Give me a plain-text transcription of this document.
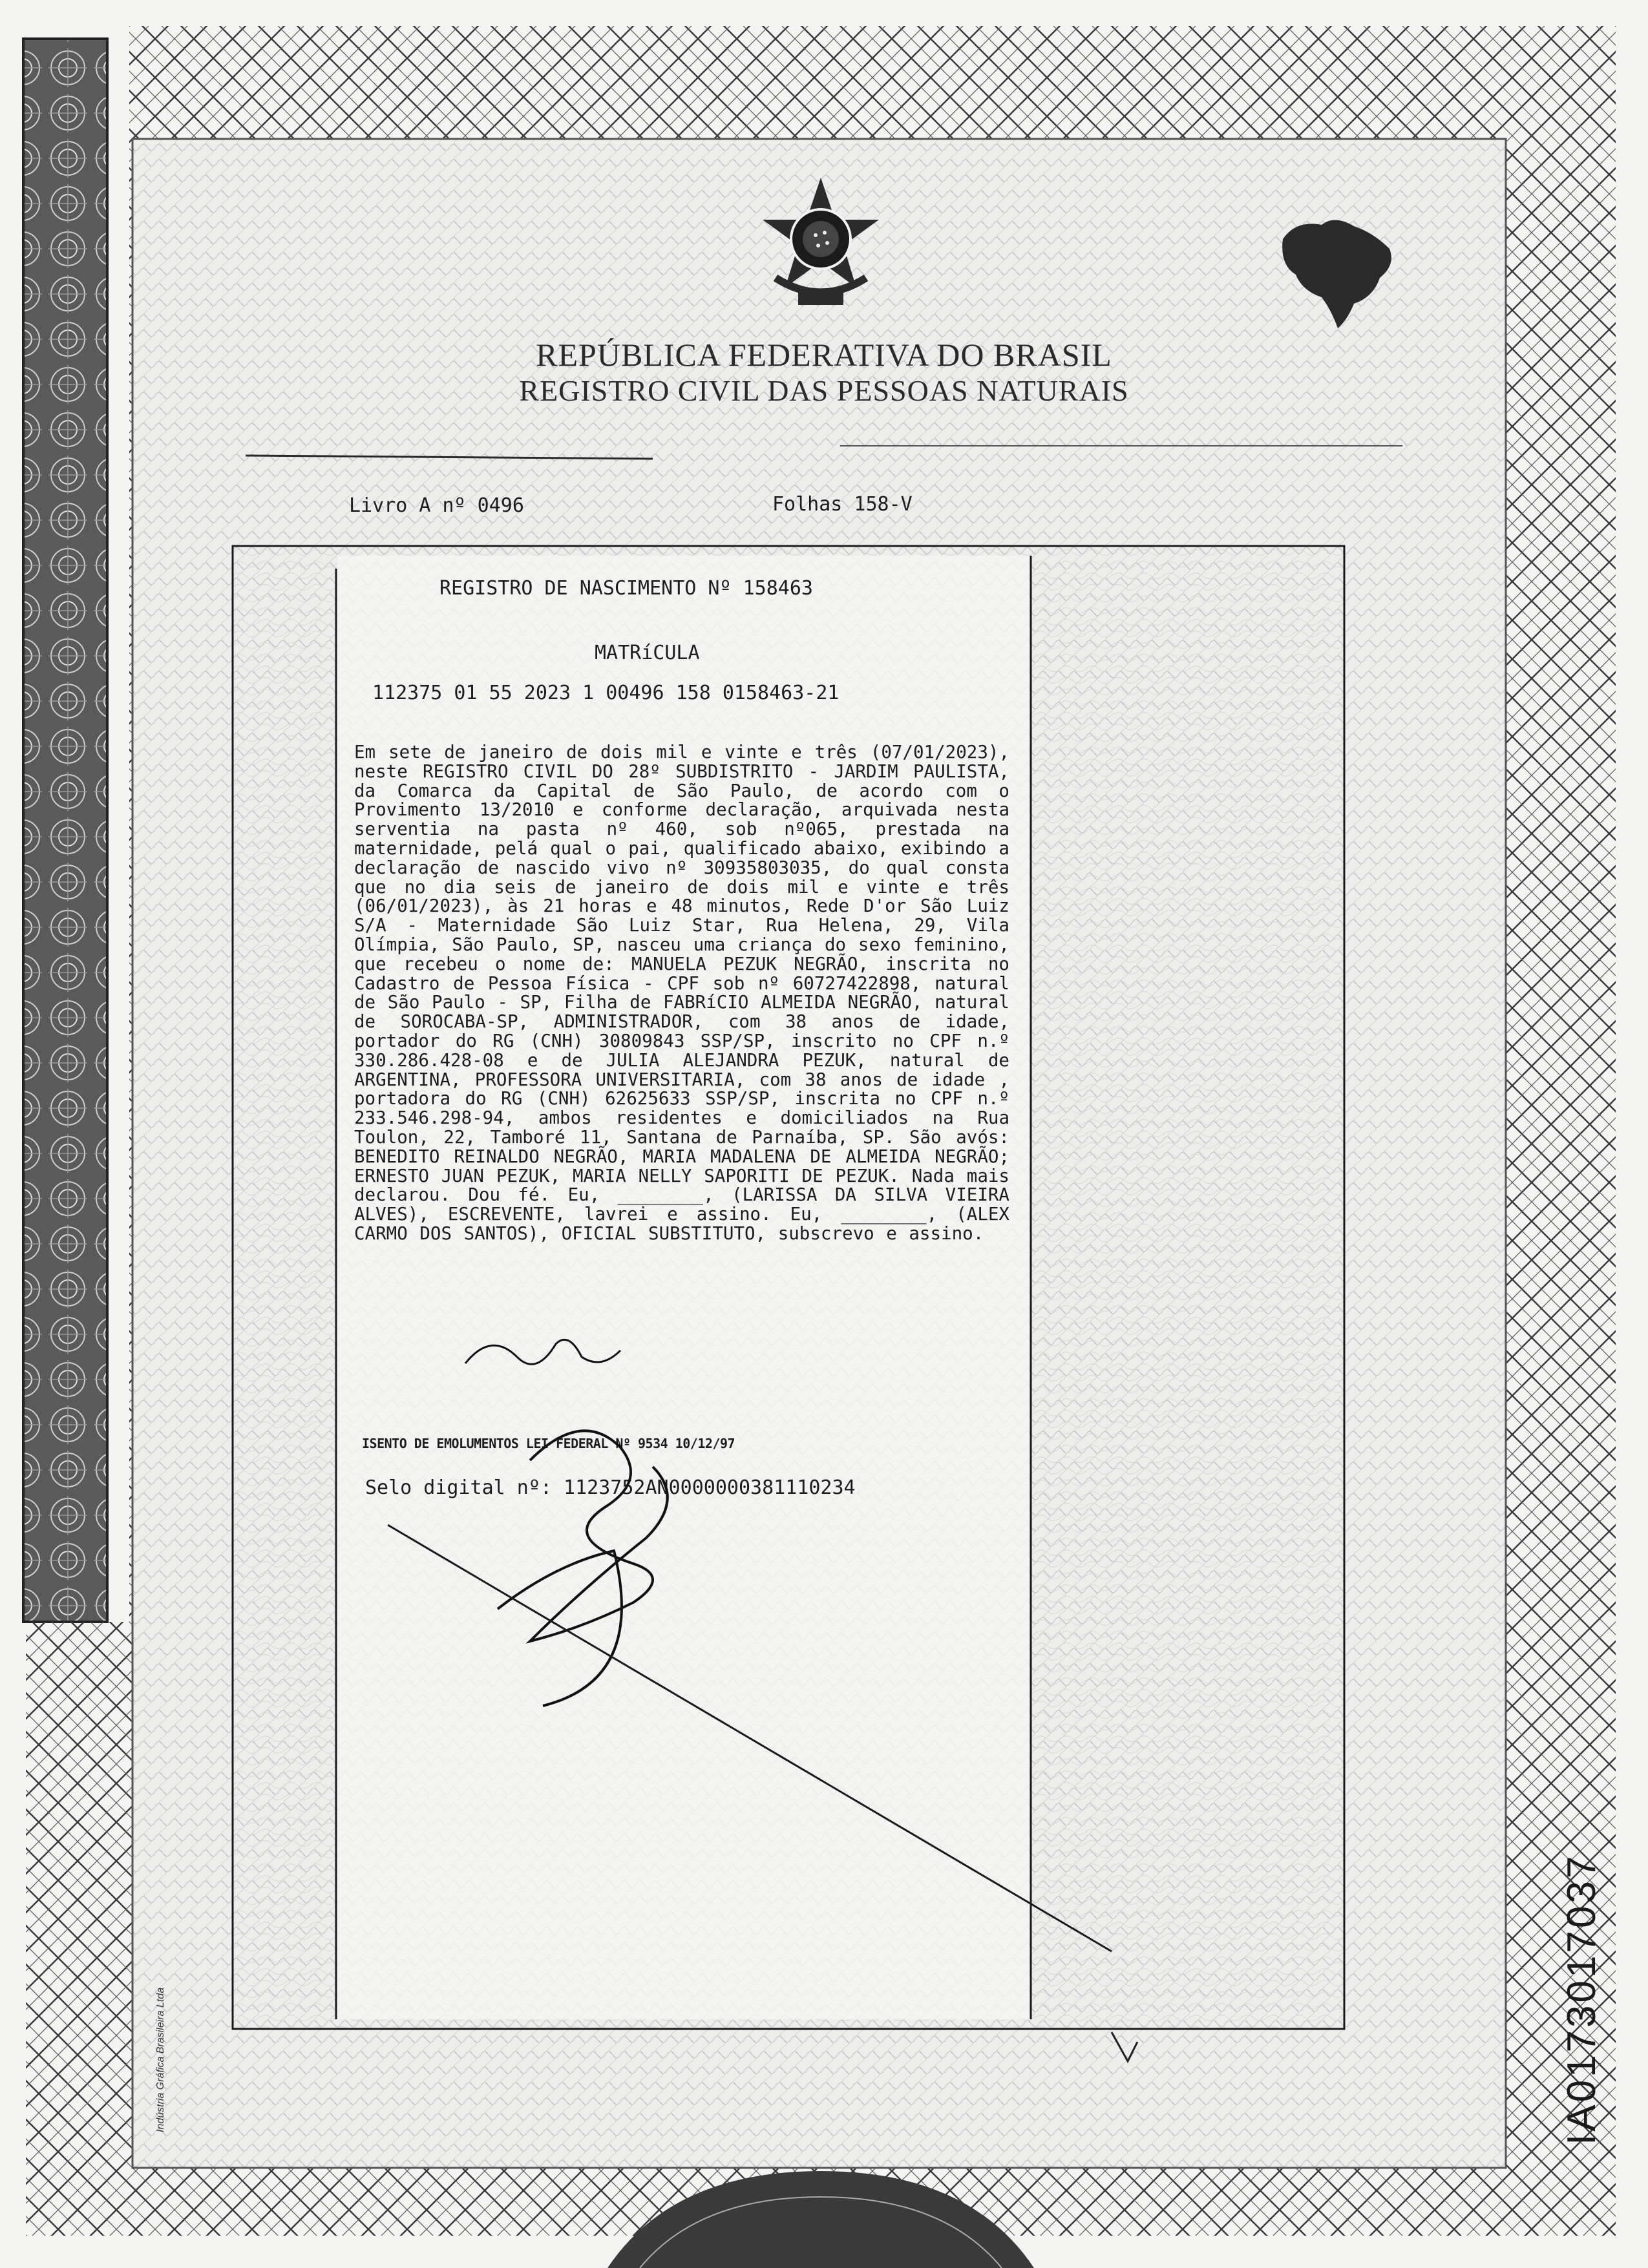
REPÚBLICA FEDERATIVA DO BRASIL
REGISTRO CIVIL DAS PESSOAS NATURAIS
Livro A nº 0496	Folhas 158-V
REGISTRO DE NASCIMENTO Nº 158463
MATRíCULA
112375 01 55 2023 1 00496 158 0158463-21
Em sete de janeiro de dois mil e vinte e três (07/01/2023), neste REGISTRO CIVIL DO 28º SUBDISTRITO - JARDIM PAULISTA, da Comarca da Capital de São Paulo, de acordo com o Provimento 13/2010 e conforme declaração, arquivada nesta serventia na pasta nº 460, sob nº065, prestada na maternidade, pelá qual o pai, qualificado abaixo, exibindo a declaração de nascido vivo nº 30935803035, do qual consta que no dia seis de janeiro de dois mil e vinte e três (06/01/2023), às 21 horas e 48 minutos, Rede D'or São Luiz S/A - Maternidade São Luiz Star, Rua Helena, 29, Vila Olímpia, São Paulo, SP, nasceu uma criança do sexo feminino, que recebeu o nome de: MANUELA PEZUK NEGRÃO, inscrita no Cadastro de Pessoa Física - CPF sob nº 60727422898, natural de São Paulo - SP, Filha de FABRíCIO ALMEIDA NEGRÃO, natural de SOROCABA-SP, ADMINISTRADOR, com 38 anos de idade, portador do RG (CNH) 30809843 SSP/SP, inscrito no CPF n.º 330.286.428-08 e de JULIA ALEJANDRA PEZUK, natural de ARGENTINA, PROFESSORA UNIVERSITARIA, com 38 anos de idade , portadora do RG (CNH) 62625633 SSP/SP, inscrita no CPF n.º 233.546.298-94, ambos residentes e domiciliados na Rua Toulon, 22, Tamboré 11, Santana de Parnaíba, SP. São avós: BENEDITO REINALDO NEGRÃO, MARIA MADALENA DE ALMEIDA NEGRÃO; ERNESTO JUAN PEZUK, MARIA NELLY SAPORITI DE PEZUK. Nada mais declarou. Dou fé. Eu, ________, (LARISSA DA SILVA VIEIRA ALVES), ESCREVENTE, lavrei e assino. Eu, ________, (ALEX CARMO DOS SANTOS), OFICIAL SUBSTITUTO, subscrevo e assino.
ISENTO DE EMOLUMENTOS LEI FEDERAL Nº 9534 10/12/97
Selo digital nº: 1123752AN0000000381110234
IA0173017037
Indústria Gráfica Brasileira Ltda
